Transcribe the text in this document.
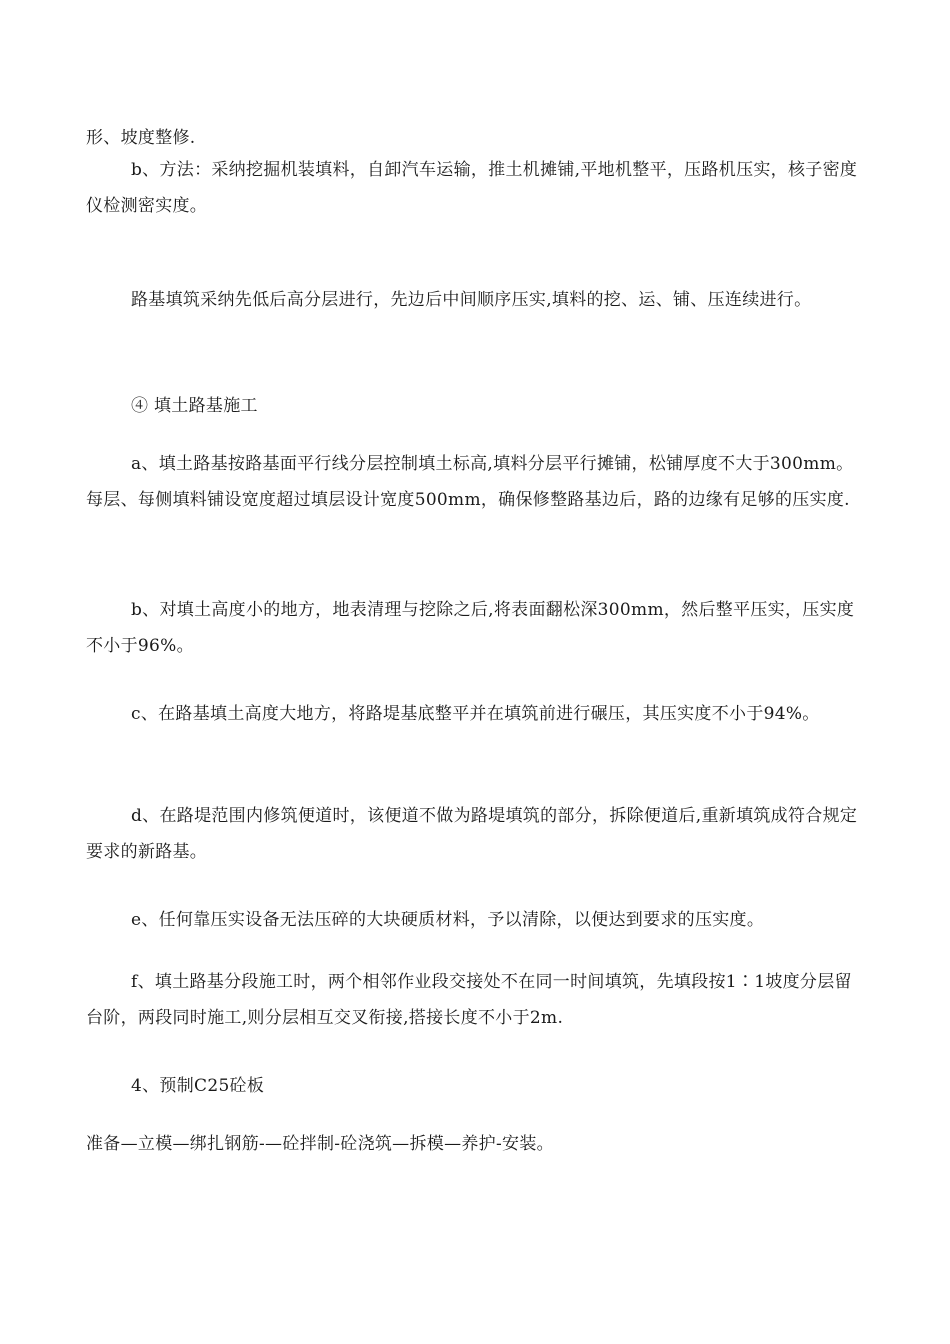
形、坡度整修.

b、方法：采纳挖掘机装填料，自卸汽车运输，推土机摊铺,平地机整平，压路机压实，核子密度仪检测密实度。

路基填筑采纳先低后高分层进行，先边后中间顺序压实,填料的挖、运、铺、压连续进行。

④ 填土路基施工

a、填土路基按路基面平行线分层控制填土标高,填料分层平行摊铺，松铺厚度不大于300mm。每层、每侧填料铺设宽度超过填层设计宽度500mm，确保修整路基边后，路的边缘有足够的压实度.

b、对填土高度小的地方，地表清理与挖除之后,将表面翻松深300mm，然后整平压实，压实度不小于96%。

c、在路基填土高度大地方，将路堤基底整平并在填筑前进行碾压，其压实度不小于94%。

d、在路堤范围内修筑便道时，该便道不做为路堤填筑的部分，拆除便道后,重新填筑成符合规定要求的新路基。

e、任何靠压实设备无法压碎的大块硬质材料，予以清除，以便达到要求的压实度。

f、填土路基分段施工时，两个相邻作业段交接处不在同一时间填筑，先填段按1∶1坡度分层留台阶，两段同时施工,则分层相互交叉衔接,搭接长度不小于2m.

4、预制C25砼板

准备—立模—绑扎钢筋-—砼拌制-砼浇筑—拆模—养护-安装。
